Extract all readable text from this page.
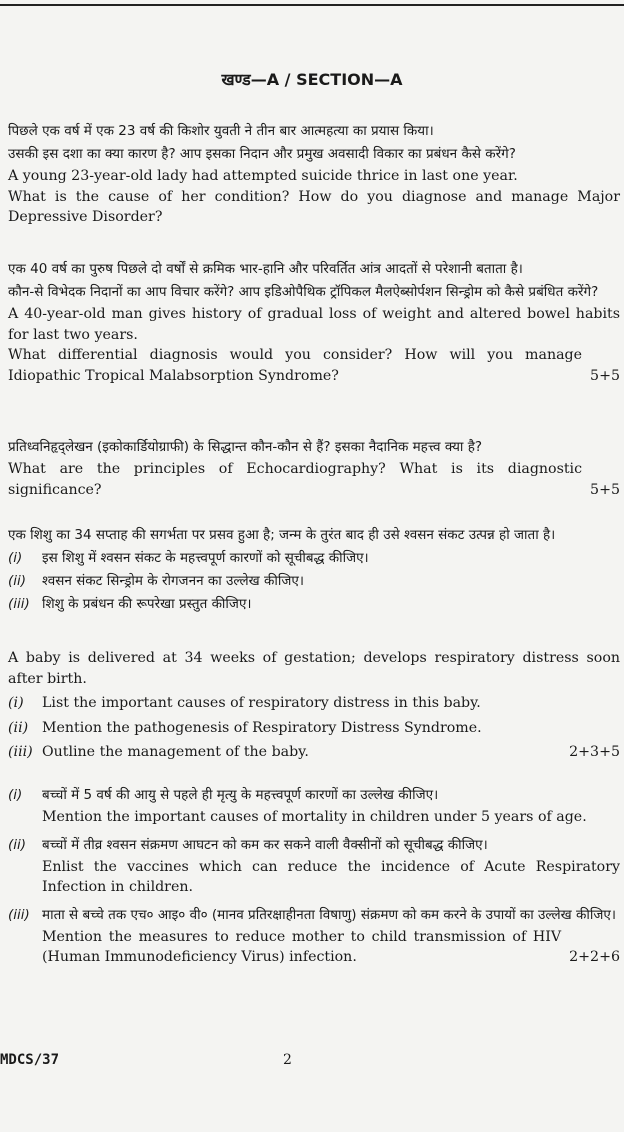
खण्ड—A / SECTION—A

पिछले एक वर्ष में एक 23 वर्ष की किशोर युवती ने तीन बार आत्महत्या का प्रयास किया।

उसकी इस दशा का क्या कारण है? आप इसका निदान और प्रमुख अवसादी विकार का प्रबंधन कैसे करेंगे?

A young 23-year-old lady had attempted suicide thrice in last one year.

What is the cause of her condition? How do you diagnose and manage Major Depressive Disorder?

एक 40 वर्ष का पुरुष पिछले दो वर्षों से क्रमिक भार-हानि और परिवर्तित आंत्र आदतों से परेशानी बताता है।

कौन-से विभेदक निदानों का आप विचार करेंगे? आप इडिओपैथिक ट्रॉपिकल मैलऐब्सोर्पशन सिन्ड्रोम को कैसे प्रबंधित करेंगे?

A 40-year-old man gives history of gradual loss of weight and altered bowel habits for last two years.

What differential diagnosis would you consider? How will you manage Idiopathic Tropical Malabsorption Syndrome?	5+5

प्रतिध्वनिहृद्लेखन (इकोकार्डियोग्राफी) के सिद्धान्त कौन-कौन से हैं? इसका नैदानिक महत्त्व क्या है?

What are the principles of Echocardiography? What is its diagnostic significance?	5+5

एक शिशु का 34 सप्ताह की सगर्भता पर प्रसव हुआ है; जन्म के तुरंत बाद ही उसे श्वसन संकट उत्पन्न हो जाता है।

(i)	इस शिशु में श्वसन संकट के महत्त्वपूर्ण कारणों को सूचीबद्ध कीजिए।
(ii)	श्वसन संकट सिन्ड्रोम के रोगजनन का उल्लेख कीजिए।
(iii) शिशु के प्रबंधन की रूपरेखा प्रस्तुत कीजिए।

A baby is delivered at 34 weeks of gestation; develops respiratory distress soon after birth.

(i)	List the important causes of respiratory distress in this baby.
(ii) Mention the pathogenesis of Respiratory Distress Syndrome.
(iii) Outline the management of the baby.	2+3+5
(i)	बच्चों में 5 वर्ष की आयु से पहले ही मृत्यु के महत्त्वपूर्ण कारणों का उल्लेख कीजिए।

Mention the important causes of mortality in children under 5 years of age.

(ii)	बच्चों में तीव्र श्वसन संक्रमण आघटन को कम कर सकने वाली वैक्सीनों को सूचीबद्ध कीजिए।

Enlist the vaccines which can reduce the incidence of Acute Respiratory Infection in children.

(iii) माता से बच्चे तक एच० आइ० वी० (मानव प्रतिरक्षाहीनता विषाणु) संक्रमण को कम करने के उपायों का उल्लेख कीजिए।

Mention the measures to reduce mother to child transmission of HIV (Human Immunodeficiency Virus) infection.	2+2+6
MDCS/37	2
